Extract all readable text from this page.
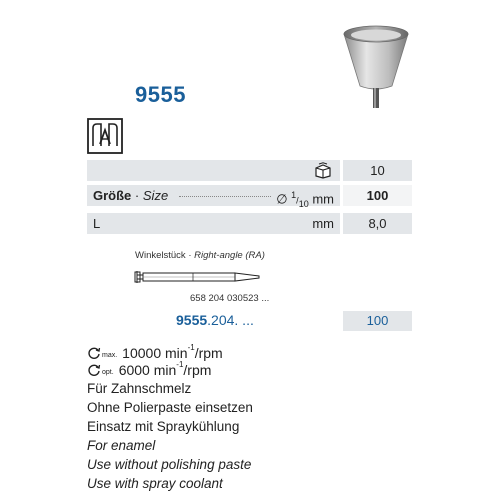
9555
10
Größe · Size	∅ $^1/_{10}$ mm	100
L	mm	8,0
Winkelstück · Right-angle (RA)
658 204 030523 ...
9555.204. ...	100
max. 10000
min -1 /rpm
opt. 6000
min -1 /rpm
Für Zahnschmelz
Ohne Polierpaste einsetzen
Einsatz mit Spraykühlung
For enamel
Use without polishing paste
Use with spray coolant
